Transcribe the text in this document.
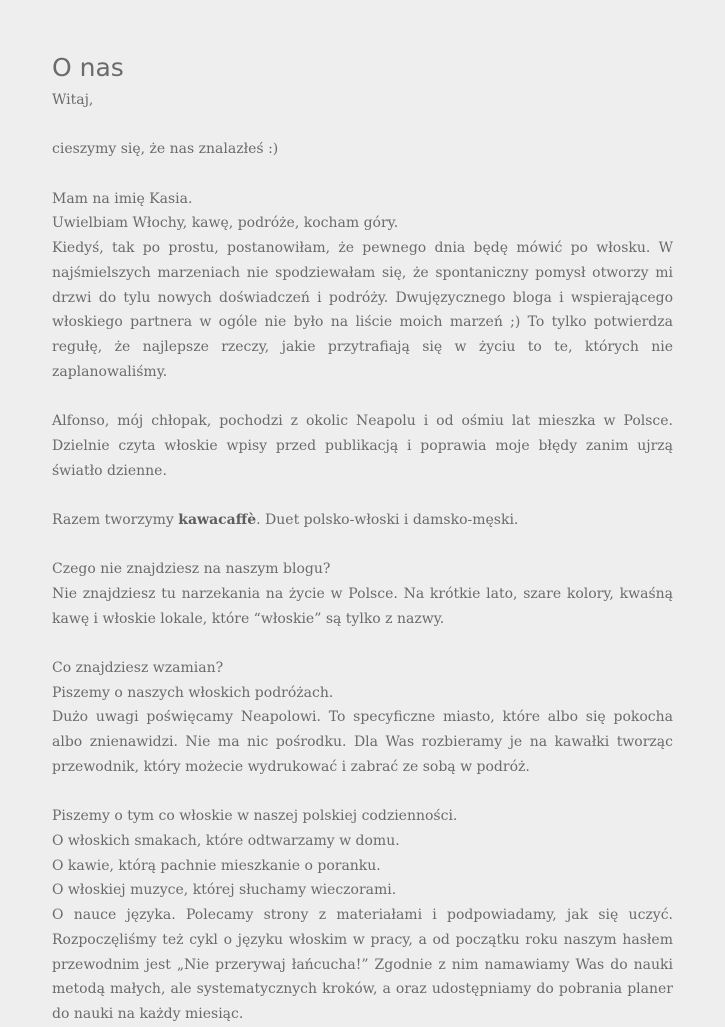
O nas

Witaj,

cieszymy się, że nas znalazłeś :)

Mam na imię Kasia.

Uwielbiam Włochy, kawę, podróże, kocham góry.

Kiedyś, tak po prostu, postanowiłam, że pewnego dnia będę mówić po włosku. W najśmielszych marzeniach nie spodziewałam się, że spontaniczny pomysł otworzy mi drzwi do tylu nowych doświadczeń i podróży. Dwujęzycznego bloga i wspierającego włoskiego partnera w ogóle nie było na liście moich marzeń ;) To tylko potwierdza regułę, że najlepsze rzeczy, jakie przytrafiają się w życiu to te, których nie zaplanowaliśmy.

Alfonso, mój chłopak, pochodzi z okolic Neapolu i od ośmiu lat mieszka w Polsce. Dzielnie czyta włoskie wpisy przed publikacją i poprawia moje błędy zanim ujrzą światło dzienne.

Razem tworzymy kawacaffè. Duet polsko-włoski i damsko-męski.

Czego nie znajdziesz na naszym blogu?

Nie znajdziesz tu narzekania na życie w Polsce. Na krótkie lato, szare kolory, kwaśną kawę i włoskie lokale, które “włoskie” są tylko z nazwy.

Co znajdziesz wzamian?

Piszemy o naszych włoskich podróżach.

Dużo uwagi poświęcamy Neapolowi. To specyficzne miasto, które albo się pokocha albo znienawidzi. Nie ma nic pośrodku. Dla Was rozbieramy je na kawałki tworząc przewodnik, który możecie wydrukować i zabrać ze sobą w podróż.

Piszemy o tym co włoskie w naszej polskiej codzienności.

O włoskich smakach, które odtwarzamy w domu.

O kawie, którą pachnie mieszkanie o poranku.

O włoskiej muzyce, której słuchamy wieczorami.

O nauce języka. Polecamy strony z materiałami i podpowiadamy, jak się uczyć. Rozpoczęliśmy też cykl o języku włoskim w pracy, a od początku roku naszym hasłem przewodnim jest „Nie przerywaj łańcucha!” Zgodnie z nim namawiamy Was do nauki metodą małych, ale systematycznych kroków, a oraz udostępniamy do pobrania planer do nauki na każdy miesiąc.
